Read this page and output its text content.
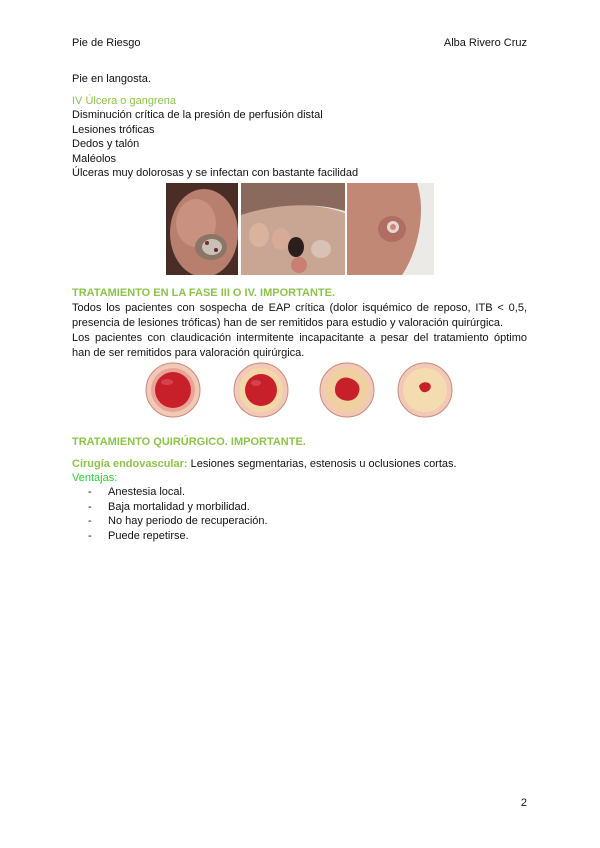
Pie de Riesgo	Alba Rivero Cruz
Pie en langosta.
IV Úlcera o gangrena
Disminución crítica de la presión de perfusión distal
Lesiones tróficas
Dedos y talón
Maléolos
Úlceras muy dolorosas y se infectan con bastante facilidad
TRATAMIENTO EN LA FASE III O IV. IMPORTANTE.
Todos los pacientes con sospecha de EAP crítica (dolor isquémico de reposo, ITB < 0,5,
presencia de lesiones tróficas) han de ser remitidos para estudio y valoración quirúrgica.
Los pacientes con claudicación intermitente incapacitante a pesar del tratamiento óptimo
han de ser remitidos para valoración quirúrgica.
TRATAMIENTO QUIRÚRGICO. IMPORTANTE.
Cirugía endovascular: Lesiones segmentarias, estenosis u oclusiones cortas.
Ventajas:
- Anestesia local.
- Baja mortalidad y morbilidad.
- No hay periodo de recuperación.
- Puede repetirse.
2
